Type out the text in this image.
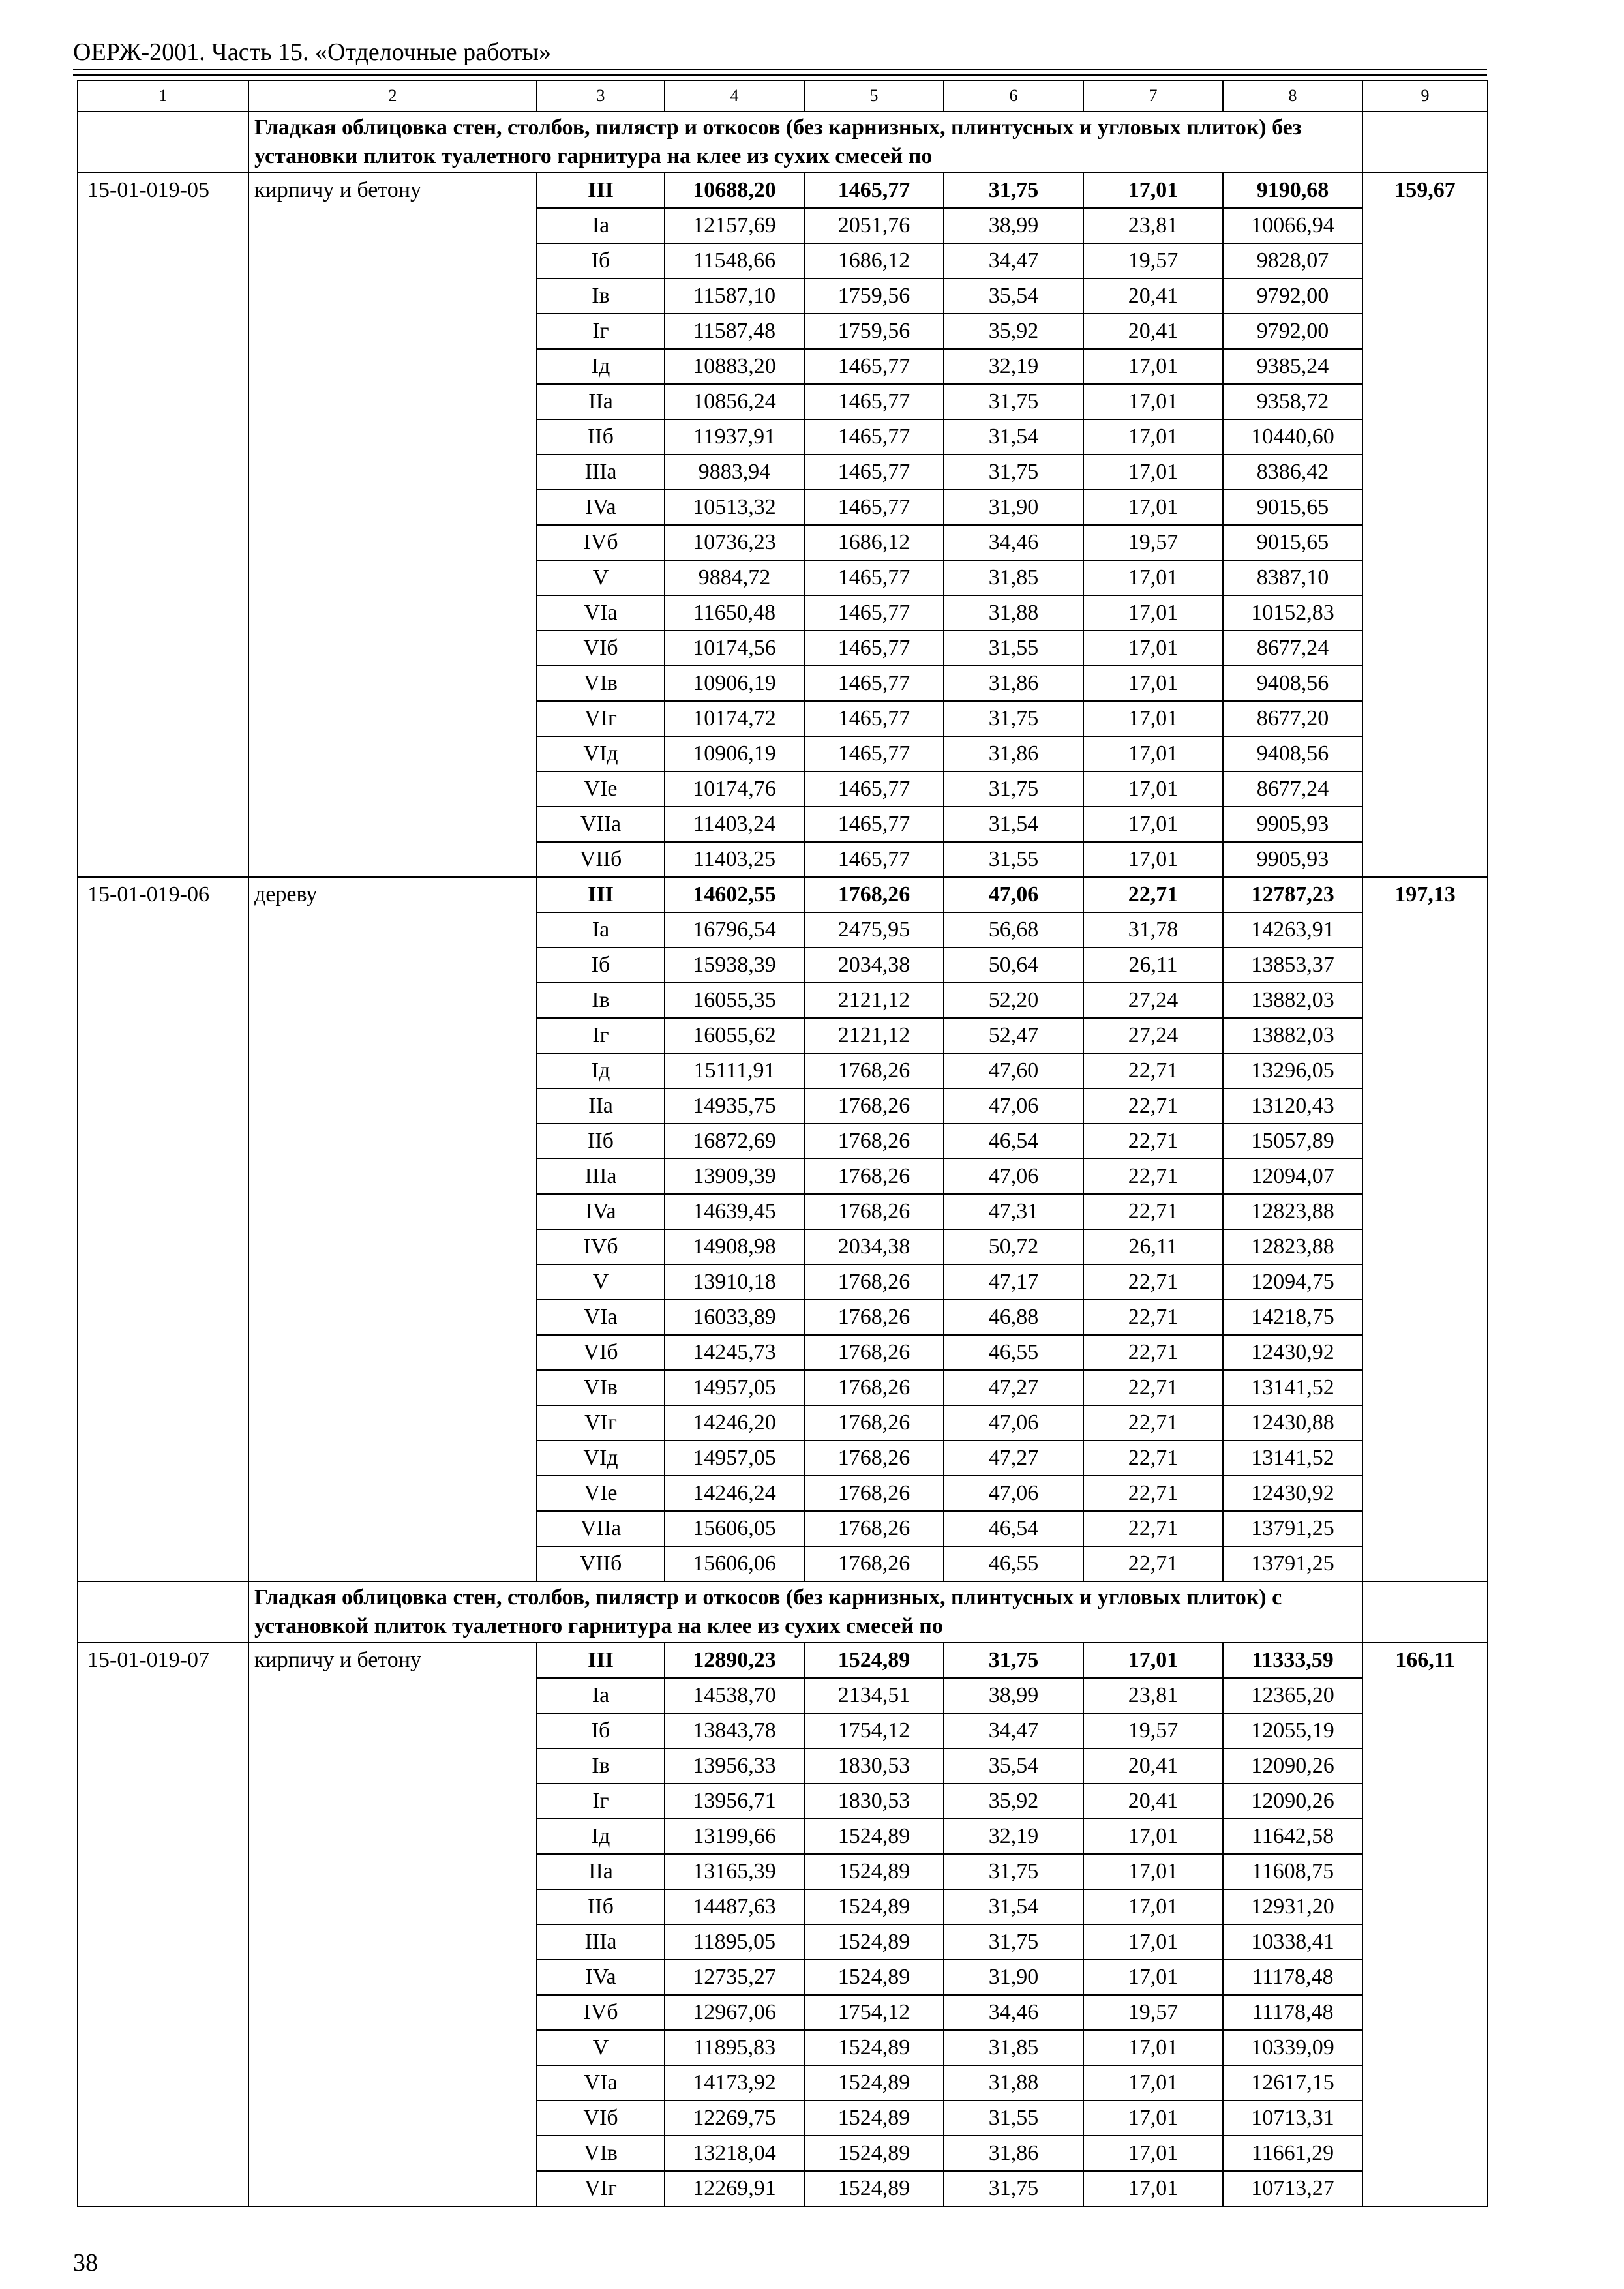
ОЕРЖ-2001. Часть 15. «Отделочные работы»
1	2	3	4	5	6	7	8	9
	Гладкая облицовка стен, столбов, пилястр и откосов (без карнизных, плинтусных и угловых плиток) без установки плиток туалетного гарнитура на клее из сухих смесей по							
15-01-019-05	кирпичу и бетону	III	10688,20	1465,77	31,75	17,01	9190,68	159,67
		Ia	12157,69	2051,76	38,99	23,81	10066,94	
		Iб	11548,66	1686,12	34,47	19,57	9828,07	
		Iв	11587,10	1759,56	35,54	20,41	9792,00	
		Iг	11587,48	1759,56	35,92	20,41	9792,00	
		Iд	10883,20	1465,77	32,19	17,01	9385,24	
		IIa	10856,24	1465,77	31,75	17,01	9358,72	
		IIб	11937,91	1465,77	31,54	17,01	10440,60	
		IIIa	9883,94	1465,77	31,75	17,01	8386,42	
		IVa	10513,32	1465,77	31,90	17,01	9015,65	
		IVб	10736,23	1686,12	34,46	19,57	9015,65	
		V	9884,72	1465,77	31,85	17,01	8387,10	
		VIa	11650,48	1465,77	31,88	17,01	10152,83	
		VIб	10174,56	1465,77	31,55	17,01	8677,24	
		VIв	10906,19	1465,77	31,86	17,01	9408,56	
		VIг	10174,72	1465,77	31,75	17,01	8677,20	
		VIд	10906,19	1465,77	31,86	17,01	9408,56	
		VIe	10174,76	1465,77	31,75	17,01	8677,24	
		VIIa	11403,24	1465,77	31,54	17,01	9905,93	
		VIIб	11403,25	1465,77	31,55	17,01	9905,93	
15-01-019-06	дереву	III	14602,55	1768,26	47,06	22,71	12787,23	197,13
		Ia	16796,54	2475,95	56,68	31,78	14263,91	
		Iб	15938,39	2034,38	50,64	26,11	13853,37	
		Iв	16055,35	2121,12	52,20	27,24	13882,03	
		Iг	16055,62	2121,12	52,47	27,24	13882,03	
		Iд	15111,91	1768,26	47,60	22,71	13296,05	
		IIa	14935,75	1768,26	47,06	22,71	13120,43	
		IIб	16872,69	1768,26	46,54	22,71	15057,89	
		IIIa	13909,39	1768,26	47,06	22,71	12094,07	
		IVa	14639,45	1768,26	47,31	22,71	12823,88	
		IVб	14908,98	2034,38	50,72	26,11	12823,88	
		V	13910,18	1768,26	47,17	22,71	12094,75	
		VIa	16033,89	1768,26	46,88	22,71	14218,75	
		VIб	14245,73	1768,26	46,55	22,71	12430,92	
		VIв	14957,05	1768,26	47,27	22,71	13141,52	
		VIг	14246,20	1768,26	47,06	22,71	12430,88	
		VIд	14957,05	1768,26	47,27	22,71	13141,52	
		VIe	14246,24	1768,26	47,06	22,71	12430,92	
		VIIa	15606,05	1768,26	46,54	22,71	13791,25	
		VIIб	15606,06	1768,26	46,55	22,71	13791,25	
	Гладкая облицовка стен, столбов, пилястр и откосов (без карнизных, плинтусных и угловых плиток) с установкой плиток туалетного гарнитура на клее из сухих смесей по							
15-01-019-07	кирпичу и бетону	III	12890,23	1524,89	31,75	17,01	11333,59	166,11
		Ia	14538,70	2134,51	38,99	23,81	12365,20	
		Iб	13843,78	1754,12	34,47	19,57	12055,19	
		Iв	13956,33	1830,53	35,54	20,41	12090,26	
		Iг	13956,71	1830,53	35,92	20,41	12090,26	
		Iд	13199,66	1524,89	32,19	17,01	11642,58	
		IIa	13165,39	1524,89	31,75	17,01	11608,75	
		IIб	14487,63	1524,89	31,54	17,01	12931,20	
		IIIa	11895,05	1524,89	31,75	17,01	10338,41	
		IVa	12735,27	1524,89	31,90	17,01	11178,48	
		IVб	12967,06	1754,12	34,46	19,57	11178,48	
		V	11895,83	1524,89	31,85	17,01	10339,09	
		VIa	14173,92	1524,89	31,88	17,01	12617,15	
		VIб	12269,75	1524,89	31,55	17,01	10713,31	
		VIв	13218,04	1524,89	31,86	17,01	11661,29	
		VIг	12269,91	1524,89	31,75	17,01	10713,27	
38
